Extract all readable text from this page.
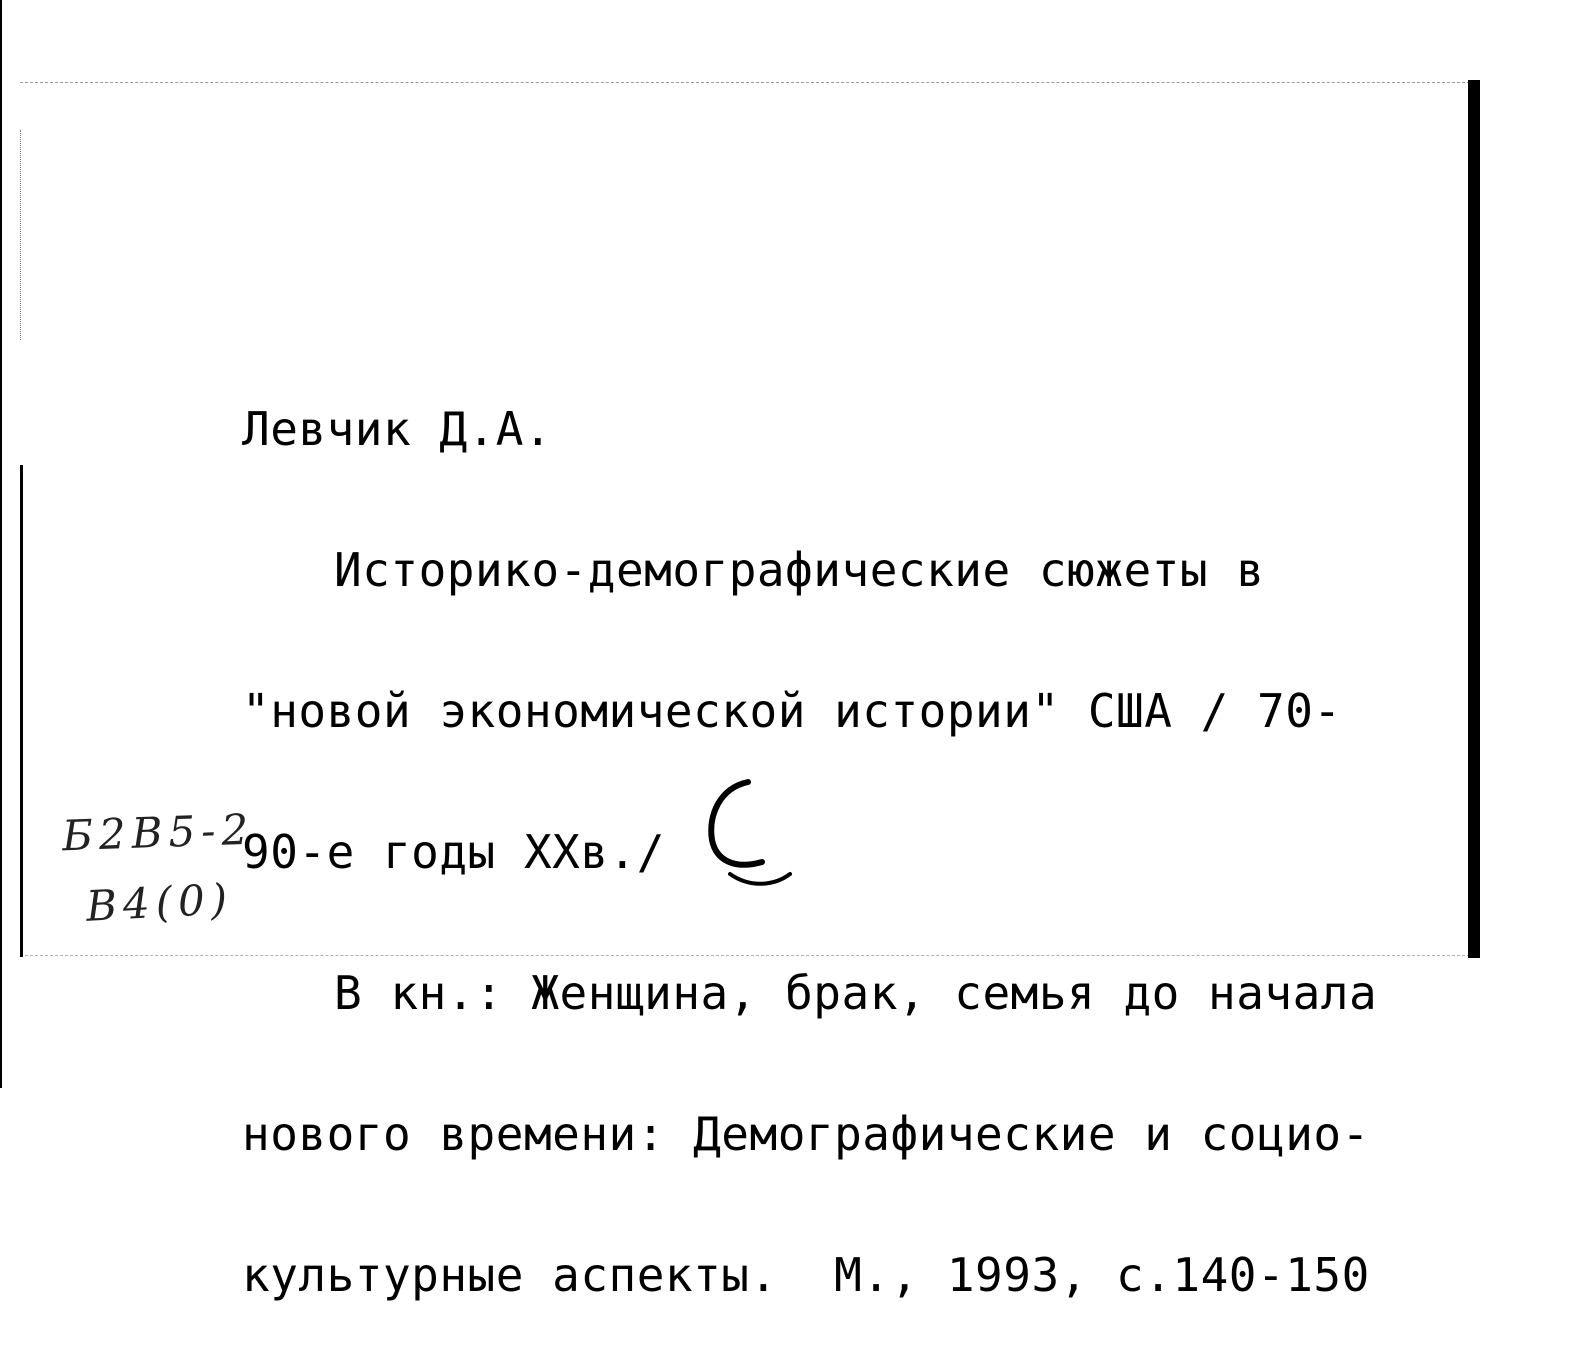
Левчик Д.А.

Историко-демографические сюжеты в

"новой экономической истории" США / 70-

90-е годы XXв./

В кн.: Женщина, брак, семья до начала

нового времени: Демографические и социо-

культурные аспекты.  М., 1993, с.140-150

Б2В5-2
В4(0)
